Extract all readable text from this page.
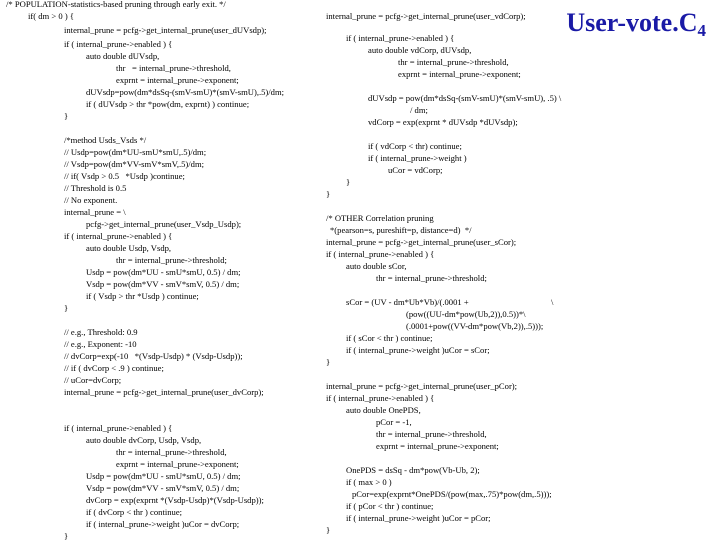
User-$vote.C_4$
/* POPULATION-statistics-based pruning through early exit. */
if( dm > 0 ) {
internal_prune = pcfg->get_internal_prune(user_dUVsdp);
if ( internal_prune->enabled ) {
auto double dUVsdp,
thr   = internal_prune->threshold,
exprnt = internal_prune->exponent;
dUVsdp=pow(dm*dsSq-(smV-smU)*(smV-smU),.5)/dm;
if ( dUVsdp > thr *pow(dm, exprnt) ) continue;
}
/*method Usds_Vsds */
// Usdp=pow(dm*UU-smU*smU,.5)/dm;
// Vsdp=pow(dm*VV-smV*smV,.5)/dm;
// if( Vsdp > 0.5   *Usdp )continue;
// Threshold is 0.5
// No exponent.
internal_prune = \
pcfg->get_internal_prune(user_Vsdp_Usdp);
if ( internal_prune->enabled ) {
auto double Usdp, Vsdp,
thr = internal_prune->threshold;
Usdp = pow(dm*UU - smU*smU, 0.5) / dm;
Vsdp = pow(dm*VV - smV*smV, 0.5) / dm;
if ( Vsdp > thr *Usdp ) continue;
}
// e.g., Threshold: 0.9
// e.g., Exponent: -10
// dvCorp=exp(-10   *(Vsdp-Usdp) * (Vsdp-Usdp));
// if ( dvCorp < .9 ) continue;
// uCor=dvCorp;
internal_prune = pcfg->get_internal_prune(user_dvCorp);
if ( internal_prune->enabled ) {
auto double dvCorp, Usdp, Vsdp,
thr = internal_prune->threshold,
exprnt = internal_prune->exponent;
Usdp = pow(dm*UU - smU*smU, 0.5) / dm;
Vsdp = pow(dm*VV - smV*smV, 0.5) / dm;
dvCorp = exp(exprnt *(Vsdp-Usdp)*(Vsdp-Usdp));
if ( dvCorp < thr ) continue;
if ( internal_prune->weight )uCor = dvCorp;
}
internal_prune = pcfg->get_internal_prune(user_vdCorp);
if ( internal_prune->enabled ) {
auto double vdCorp, dUVsdp,
thr = internal_prune->threshold,
exprnt = internal_prune->exponent;
dUVsdp = pow(dm*dsSq-(smV-smU)*(smV-smU), .5) \
/ dm;
vdCorp = exp(exprnt * dUVsdp *dUVsdp);
if ( vdCorp < thr) continue;
if ( internal_prune->weight )
uCor = vdCorp;
}
}
/* OTHER Correlation pruning
*(pearson=s, pureshift=p, distance=d)  */
internal_prune = pcfg->get_internal_prune(user_sCor);
if ( internal_prune->enabled ) {
auto double sCor,
thr = internal_prune->threshold;
sCor = (UV - dm*Ub*Vb)/(.0001 +	\
(pow((UU-dm*pow(Ub,2)),0.5))*\
(.0001+pow((VV-dm*pow(Vb,2)),.5)));
if ( sCor < thr ) continue;
if ( internal_prune->weight )uCor = sCor;
}
internal_prune = pcfg->get_internal_prune(user_pCor);
if ( internal_prune->enabled ) {
auto double OnePDS,
pCor = -1,
thr = internal_prune->threshold,
exprnt = internal_prune->exponent;
OnePDS = dsSq - dm*pow(Vb-Ub, 2);
if ( max > 0 )
pCor=exp(exprnt*OnePDS/(pow(max,.75)*pow(dm,.5)));
if ( pCor < thr ) continue;
if ( internal_prune->weight )uCor = pCor;
}
